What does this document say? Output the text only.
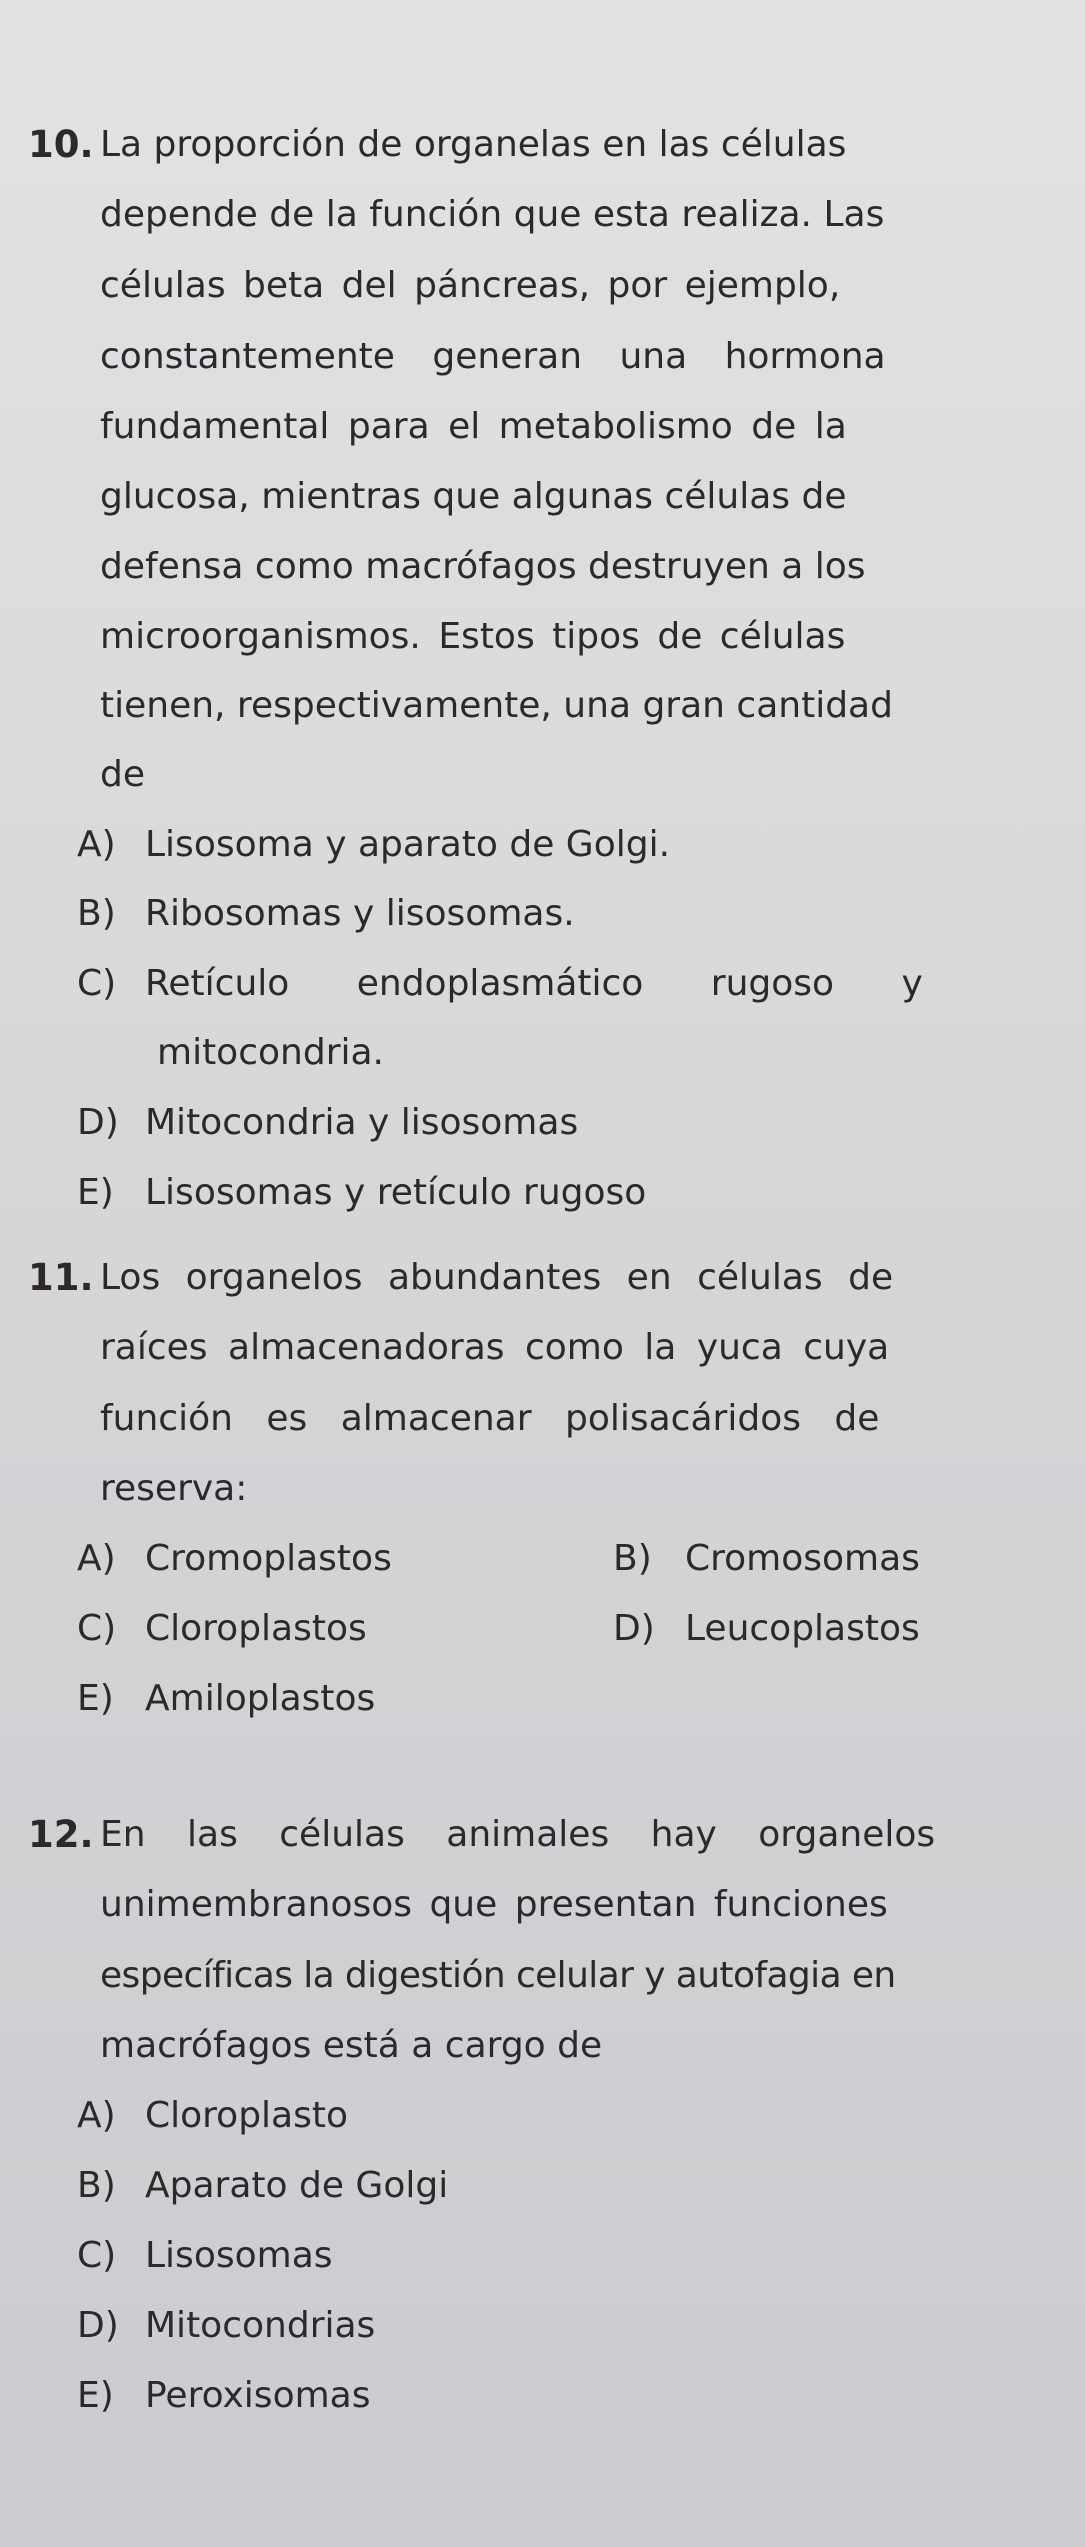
10. La proporción de organelas en las células
depende de la función que esta realiza. Las
células beta del páncreas, por ejemplo,
constantemente generan una hormona
fundamental para el metabolismo de la
glucosa, mientras que algunas células de
defensa como macrófagos destruyen a los
microorganismos. Estos tipos de células
tienen, respectivamente, una gran cantidad
de
A) Lisosoma y aparato de Golgi.
B) Ribosomas y lisosomas.
C) Retículo endoplasmático rugoso y
mitocondria.
D) Mitocondria y lisosomas
E) Lisosomas y retículo rugoso
11. Los organelos abundantes en células de
raíces almacenadoras como la yuca cuya
función es almacenar polisacáridos de
reserva:
A) Cromoplastos	B) Cromosomas
C) Cloroplastos	D) Leucoplastos
E) Amiloplastos
12. En las células animales hay organelos
unimembranosos que presentan funciones
específicas la digestión celular y autofagia en
macrófagos está a cargo de
A) Cloroplasto
B) Aparato de Golgi
C) Lisosomas
D) Mitocondrias
E) Peroxisomas
